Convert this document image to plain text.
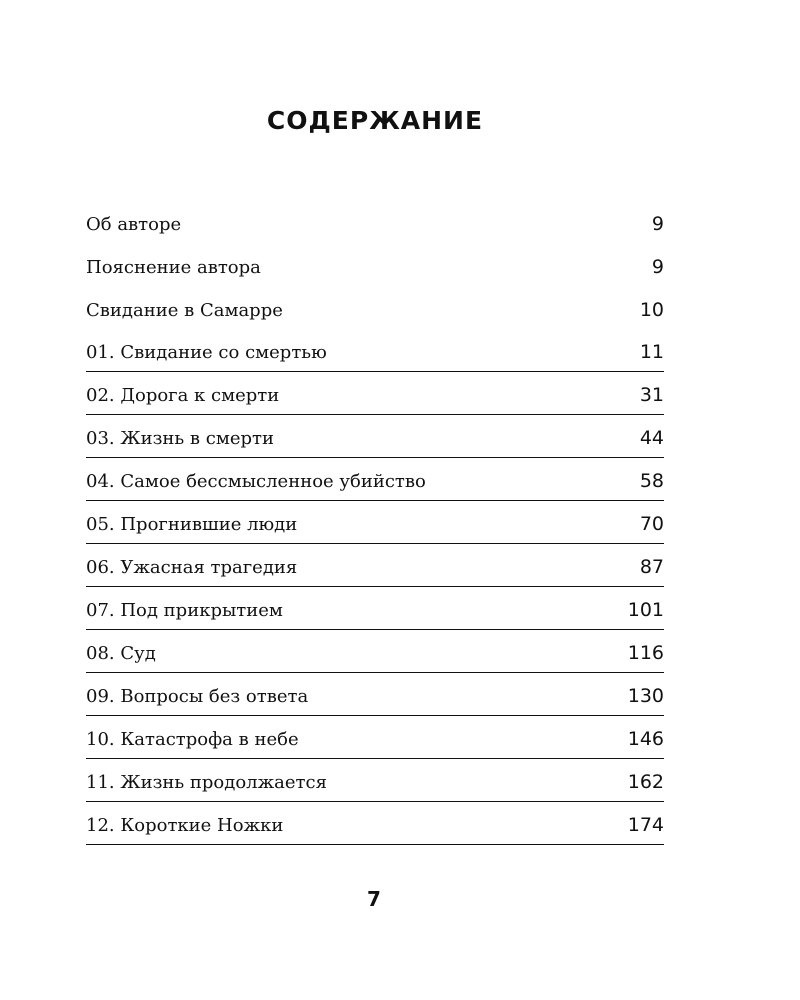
СОДЕРЖАНИЕ
Об авторе	9
Пояснение автора	9
Свидание в Самарре	10
01. Свидание со смертью	11
02. Дорога к смерти	31
03. Жизнь в смерти	44
04. Самое бессмысленное убийство	58
05. Прогнившие люди	70
06. Ужасная трагедия	87
07. Под прикрытием	101
08. Суд	116
09. Вопросы без ответа	130
10. Катастрофа в небе	146
11. Жизнь продолжается	162
12. Короткие Ножки	174
7
